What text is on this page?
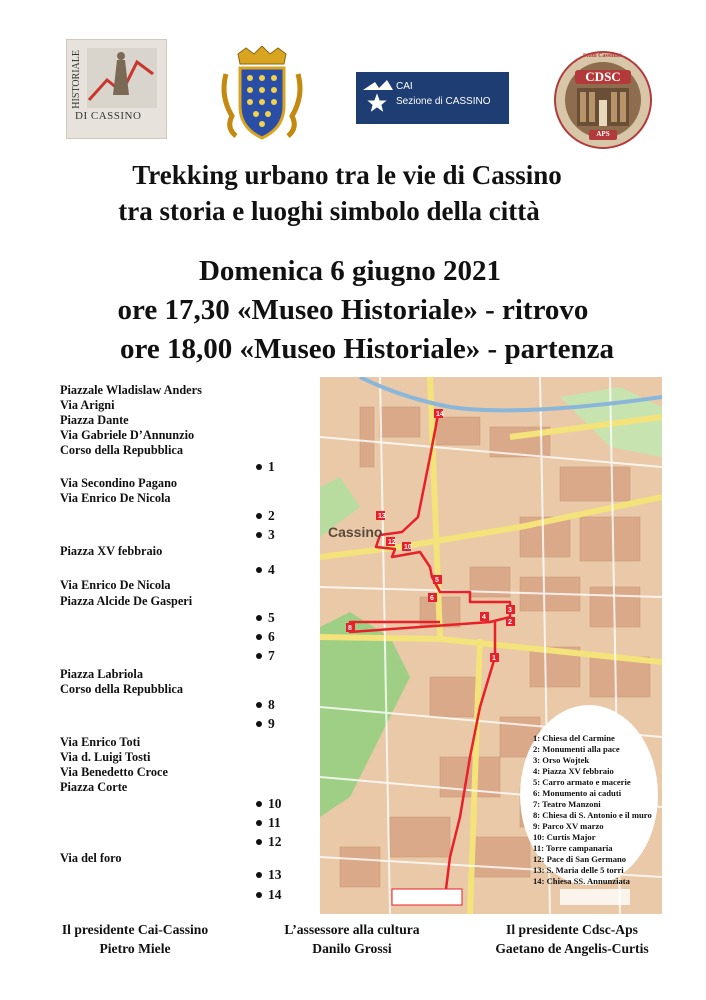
HISTORIALE
DI CASSINO
CAI
Sezione di CASSINO
Studi Cassinati
CDSC
APS
Trekking urbano tra le vie di Cassino
tra storia e luoghi simbolo della città
Domenica 6 giugno 2021
ore 17,30 «Museo Historiale» - ritrovo
ore 18,00 «Museo Historiale» - partenza
Piazzale Wladislaw Anders
Via Arigni
Piazza Dante
Via Gabriele D’Annunzio
Corso della Repubblica
Via Secondino Pagano
Via Enrico De Nicola
Piazza XV febbraio
Via Enrico De Nicola
Piazza Alcide De Gasperi
Piazza Labriola
Corso della Repubblica
Via Enrico Toti
Via d. Luigi Tosti
Via Benedetto Croce
Piazza Corte
Via del foro
1
2
3
4
5
6
7
8
9
10
11
12
13
14
14
13
12
10
5
6
4
3
2
8
1
Cassino
1: Chiesa del Carmine
2: Monumenti alla pace
3: Orso Wojtek
4: Piazza XV febbraio
5: Carro armato e macerie
6: Monumento ai caduti
7: Teatro Manzoni
8: Chiesa di S. Antonio e il muro
9: Parco XV marzo
10: Curtis Major
11: Torre campanaria
12: Pace di San Germano
13: S. Maria delle 5 torri
14: Chiesa SS. Annunziata
Il presidente Cai-Cassino
Pietro Miele
L’assessore alla cultura
Danilo Grossi
Il presidente Cdsc-Aps
Gaetano de Angelis-Curtis
